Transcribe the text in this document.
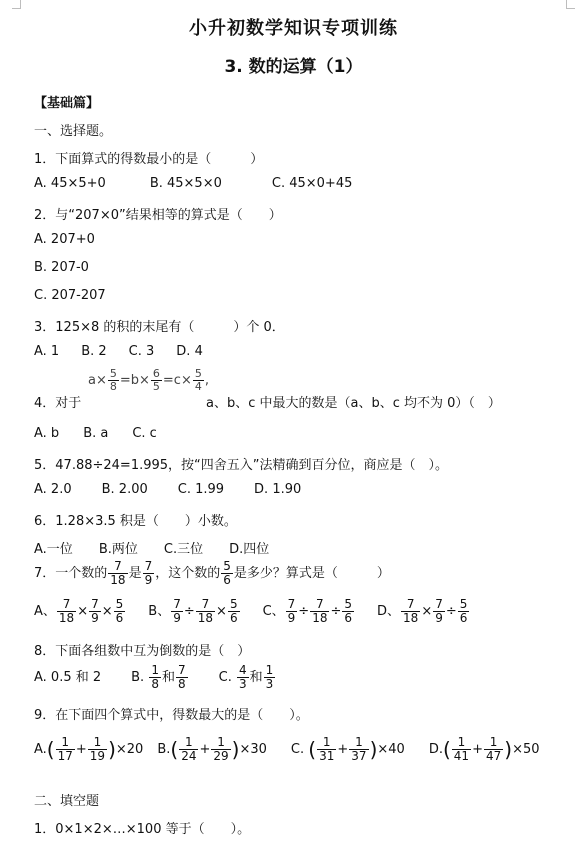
小升初数学知识专项训练
3. 数的运算（1）
【基础篇】
一、选择题。
1．下面算式的得数最小的是（　　　）
A. 45×5+0	B. 45×5×0	C. 45×0+45
2．与“207×0”结果相等的算式是（　　）
A. 207+0
B. 207-0
C. 207-207
3．125×8 的积的末尾有（　　　）个 0．
A. 1 B. 2 C. 3 D. 4
4．对于
$a\times \frac{5}{8} =b\times \frac{6}{5} =c\times \frac{5}{4}$ ,
a、b、c 中最大的数是（a、b、c 均不为 0）（　）
A. b B. a C. c
5．47.88÷24=1.995，按“四舍五入”法精确到百分位，商应是（　）。
A. 2.0 B. 2.00 C. 1.99 D. 1.90
6．1.28×3.5 积是（　　）小数。
A.一位 B.两位 C.三位 D.四位
7．一个数的 $\frac{7}{18}$ 是 $\frac{7}{9}$ ，这个数的 $\frac{5}{6}$ 是多少？算式是（　　　）
A、 $\frac{7}{18} \times \frac{7}{9} \times \frac{5}{6}$ B、 $\frac{7}{9} \div \frac{7}{18} \times \frac{5}{6}$ C、 $\frac{7}{9} \div \frac{7}{18} \div \frac{5}{6}$ D、 $\frac{7}{18} \times \frac{7}{9} \div \frac{5}{6}$
8．下面各组数中互为倒数的是（　）
A. 0.5 和 2 B. $\frac{1}{8}$ 和 $\frac{7}{8} C$. $\frac{4}{3}$ 和 $\frac{1}{3}$
9．在下面四个算式中，得数最大的是（　　）。
$A.( \frac{1}{17} + \frac{1}{19} )\times 20$ $B.( \frac{1}{24} + \frac{1}{29} )\times 30$ C. ( $\frac{1}{31} + \frac{1}{37} )\times 40$ $D.( \frac{1}{41} + \frac{1}{47} )\times 50$
二、填空题
1．0×1×2×…×100 等于（　　）。
